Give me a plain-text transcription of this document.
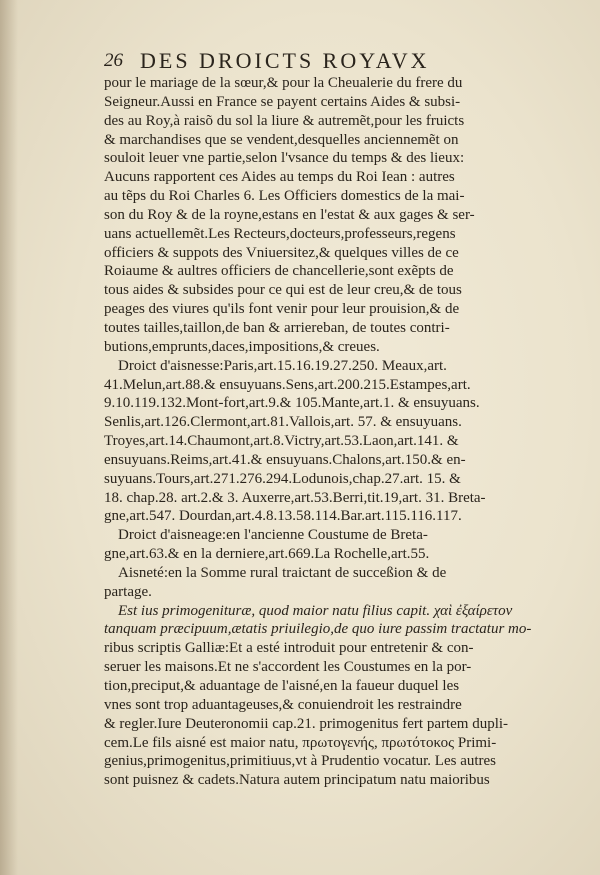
26 DES DROICTS ROYAVX
pour le mariage de la sœur,& pour la Cheualerie du frere du
Seigneur.Aussi en France se payent certains Aides & subsi-
des au Roy,à raisõ du sol la liure & autremẽt,pour les fruicts
& marchandises que se vendent,desquelles anciennemẽt on
souloit leuer vne partie,selon l'vsance du temps & des lieux:
Aucuns rapportent ces Aides au temps du Roi Iean : autres
au tẽps du Roi Charles 6. Les Officiers domestics de la mai-
son du Roy & de la royne,estans en l'estat & aux gages & ser-
uans actuellemẽt.Les Recteurs,docteurs,professeurs,regens
officiers & suppots des Vniuersitez,& quelques villes de ce
Roiaume & aultres officiers de chancellerie,sont exẽpts de
tous aides & subsides pour ce qui est de leur creu,& de tous
peages des viures qu'ils font venir pour leur prouision,& de
toutes tailles,taillon,de ban & arriereban, de toutes contri-
butions,emprunts,daces,impositions,& creues.
Droict d'aisnesse:Paris,art.15.16.19.27.250. Meaux,art.
41.Melun,art.88.& ensuyuans.Sens,art.200.215.Estampes,art.
9.10.119.132.Mont-fort,art.9.& 105.Mante,art.1. & ensuyuans.
Senlis,art.126.Clermont,art.81.Vallois,art. 57. & ensuyuans.
Troyes,art.14.Chaumont,art.8.Victry,art.53.Laon,art.141. &
ensuyuans.Reims,art.41.& ensuyuans.Chalons,art.150.& en-
suyuans.Tours,art.271.276.294.Lodunois,chap.27.art. 15. &
18. chap.28. art.2.& 3. Auxerre,art.53.Berri,tit.19,art. 31. Breta-
gne,art.547. Dourdan,art.4.8.13.58.114.Bar.art.115.116.117.
Droict d'aisneage:en l'ancienne Coustume de Breta-
gne,art.63.& en la derniere,art.669.La Rochelle,art.55.
Aisneté:en la Somme rural traictant de succeßion & de
partage.
Est ius primogenituræ, quod maior natu filius capit. χαὶ ἐξαίρετον
tanquam præcipuum,ætatis priuilegio,de quo iure passim tractatur mo-
ribus scriptis Galliæ:Et a esté introduit pour entretenir & con-
seruer les maisons.Et ne s'accordent les Coustumes en la por-
tion,preciput,& aduantage de l'aisné,en la faueur duquel les
vnes sont trop aduantageuses,& conuiendroit les restraindre
& regler.Iure Deuteronomii cap.21. primogenitus fert partem dupli-
cem.Le fils aisné est maior natu, πρωτογενής, πρωτότοκος Primi-
genius,primogenitus,primitiuus,vt à Prudentio vocatur. Les autres
sont puisnez & cadets.Natura autem principatum natu maioribus
